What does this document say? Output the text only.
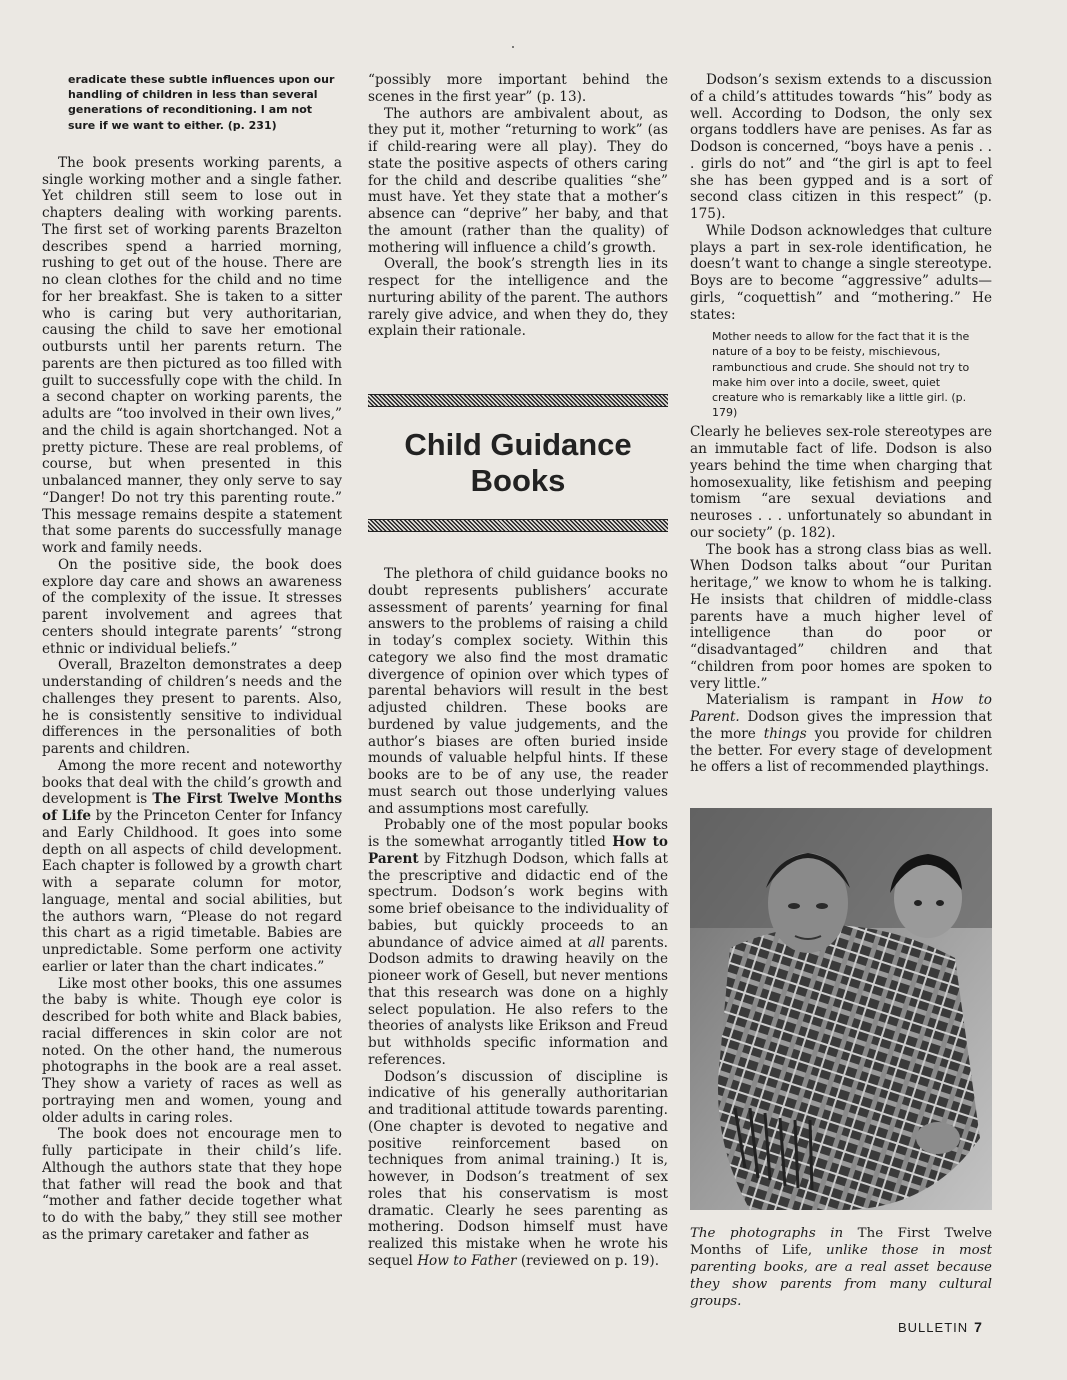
eradicate these subtle influences upon our handling of children in less than several generations of reconditioning. I am not sure if we want to either. (p. 231)

The book presents working parents, a single working mother and a single father. Yet children still seem to lose out in chapters dealing with working parents. The first set of working parents Brazelton describes spend a harried morning, rushing to get out of the house. There are no clean clothes for the child and no time for her breakfast. She is taken to a sitter who is caring but very authoritarian, causing the child to save her emotional outbursts until her parents return. The parents are then pictured as too filled with guilt to successfully cope with the child. In a second chapter on working parents, the adults are “too involved in their own lives,” and the child is again shortchanged. Not a pretty picture. These are real problems, of course, but when presented in this unbalanced manner, they only serve to say “Danger! Do not try this parenting route.” This message remains despite a statement that some parents do successfully manage work and family needs.

On the positive side, the book does explore day care and shows an awareness of the complexity of the issue. It stresses parent involvement and agrees that centers should integrate parents’ “strong ethnic or individual beliefs.”

Overall, Brazelton demonstrates a deep understanding of children’s needs and the challenges they present to parents. Also, he is consistently sensitive to individual differences in the personalities of both parents and children.

Among the more recent and noteworthy books that deal with the child’s growth and development is The First Twelve Months of Life by the Princeton Center for Infancy and Early Childhood. It goes into some depth on all aspects of child development. Each chapter is followed by a growth chart with a separate column for motor, language, mental and social abilities, but the authors warn, “Please do not regard this chart as a rigid timetable. Babies are unpredictable. Some perform one activity earlier or later than the chart indicates.”

Like most other books, this one assumes the baby is white. Though eye color is described for both white and Black babies, racial differences in skin color are not noted. On the other hand, the numerous photographs in the book are a real asset. They show a variety of races as well as portraying men and women, young and older adults in caring roles.

The book does not encourage men to fully participate in their child’s life. Although the authors state that they hope that father will read the book and that “mother and father decide together what to do with the baby,” they still see mother as the primary caretaker and father as

“possibly more important behind the scenes in the first year” (p. 13).

The authors are ambivalent about, as they put it, mother “returning to work” (as if child-rearing were all play). They do state the positive aspects of others caring for the child and describe qualities “she” must have. Yet they state that a mother’s absence can “deprive” her baby, and that the amount (rather than the quality) of mothering will influence a child’s growth.

Overall, the book’s strength lies in its respect for the intelligence and the nurturing ability of the parent. The authors rarely give advice, and when they do, they explain their rationale.

Child Guidance
Books

The plethora of child guidance books no doubt represents publishers’ accurate assessment of parents’ yearning for final answers to the problems of raising a child in today’s complex society. Within this category we also find the most dramatic divergence of opinion over which types of parental behaviors will result in the best adjusted children. These books are burdened by value judgements, and the author’s biases are often buried inside mounds of valuable helpful hints. If these books are to be of any use, the reader must search out those underlying values and assumptions most carefully.

Probably one of the most popular books is the somewhat arrogantly titled How to Parent by Fitzhugh Dodson, which falls at the prescriptive and didactic end of the spectrum. Dodson’s work begins with some brief obeisance to the individuality of babies, but quickly proceeds to an abundance of advice aimed at all parents. Dodson admits to drawing heavily on the pioneer work of Gesell, but never mentions that this research was done on a highly select population. He also refers to the theories of analysts like Erikson and Freud but withholds specific information and references.

Dodson’s discussion of discipline is indicative of his generally authoritarian and traditional attitude towards parenting. (One chapter is devoted to negative and positive reinforcement based on techniques from animal training.) It is, however, in Dodson’s treatment of sex roles that his conservatism is most dramatic. Clearly he sees parenting as mothering. Dodson himself must have realized this mistake when he wrote his sequel How to Father (reviewed on p. 19).

Dodson’s sexism extends to a discussion of a child’s attitudes towards “his” body as well. According to Dodson, the only sex organs toddlers have are penises. As far as Dodson is concerned, “boys have a penis . . . girls do not” and “the girl is apt to feel she has been gypped and is a sort of second class citizen in this respect” (p. 175).

While Dodson acknowledges that culture plays a part in sex-role identification, he doesn’t want to change a single stereotype. Boys are to become “aggressive” adults—girls, “coquettish” and “mothering.” He states:

Mother needs to allow for the fact that it is the nature of a boy to be feisty, mischievous, rambunctious and crude. She should not try to make him over into a docile, sweet, quiet creature who is remarkably like a little girl. (p. 179)

Clearly he believes sex-role stereotypes are an immutable fact of life. Dodson is also years behind the time when charging that homosexuality, like fetishism and peeping tomism “are sexual deviations and neuroses . . . unfortunately so abundant in our society” (p. 182).

The book has a strong class bias as well. When Dodson talks about “our Puritan heritage,” we know to whom he is talking. He insists that children of middle-class parents have a much higher level of intelligence than do poor or “disadvantaged” children and that “children from poor homes are spoken to very little.”

Materialism is rampant in How to Parent. Dodson gives the impression that the more things you provide for children the better. For every stage of development he offers a list of recommended playthings.

The photographs in The First Twelve Months of Life, unlike those in most parenting books, are a real asset because they show parents from many cultural groups.

BULLETIN 7
